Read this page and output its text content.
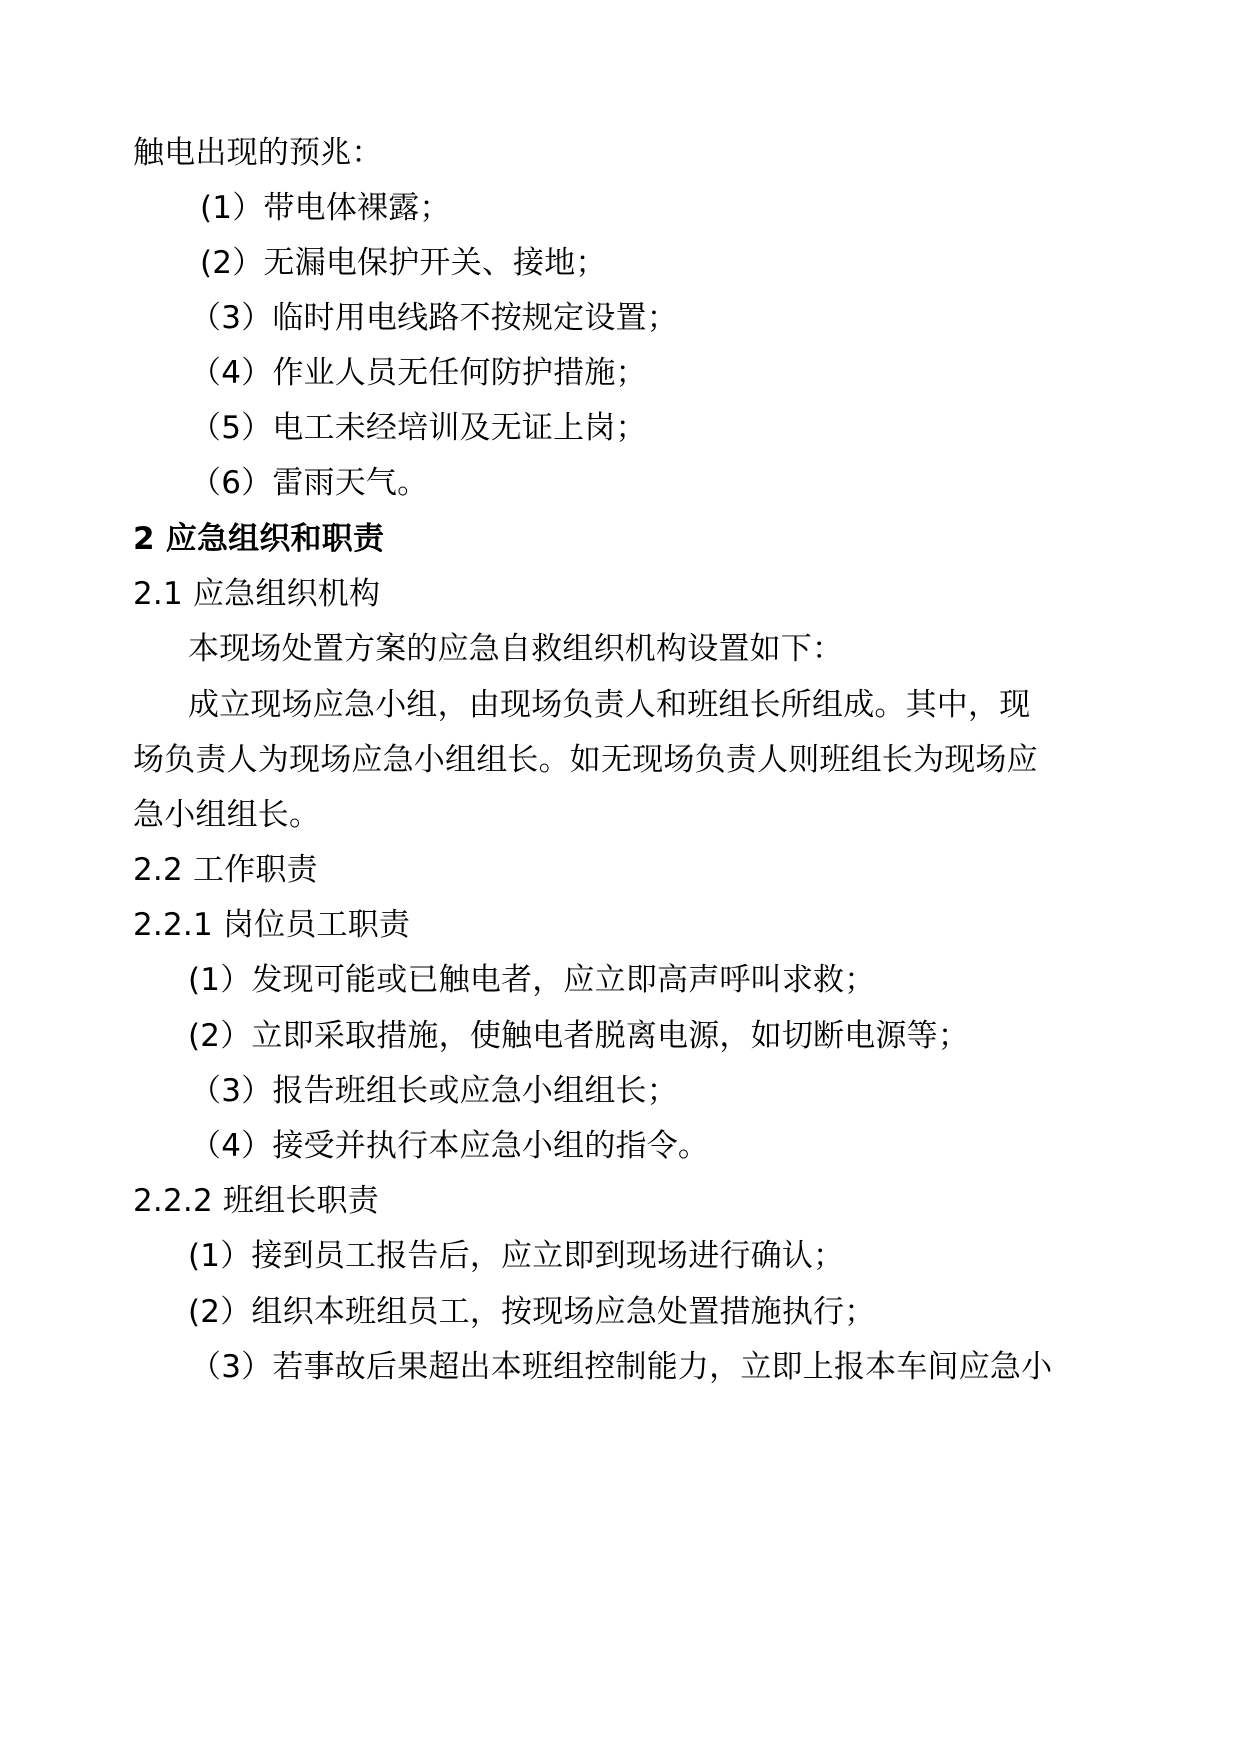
触电出现的预兆：
(1）带电体裸露；
(2）无漏电保护开关、接地；
（3）临时用电线路不按规定设置；
（4）作业人员无任何防护措施；
（5）电工未经培训及无证上岗；
（6）雷雨天气。
2 应急组织和职责
2.1 应急组织机构
本现场处置方案的应急自救组织机构设置如下：
成立现场应急小组，由现场负责人和班组长所组成。其中，现
场负责人为现场应急小组组长。如无现场负责人则班组长为现场应
急小组组长。
2.2 工作职责
2.2.1 岗位员工职责
(1）发现可能或已触电者，应立即高声呼叫求救；
(2）立即采取措施，使触电者脱离电源，如切断电源等；
（3）报告班组长或应急小组组长；
（4）接受并执行本应急小组的指令。
2.2.2 班组长职责
(1）接到员工报告后，应立即到现场进行确认；
(2）组织本班组员工，按现场应急处置措施执行；
（3）若事故后果超出本班组控制能力，立即上报本车间应急小
